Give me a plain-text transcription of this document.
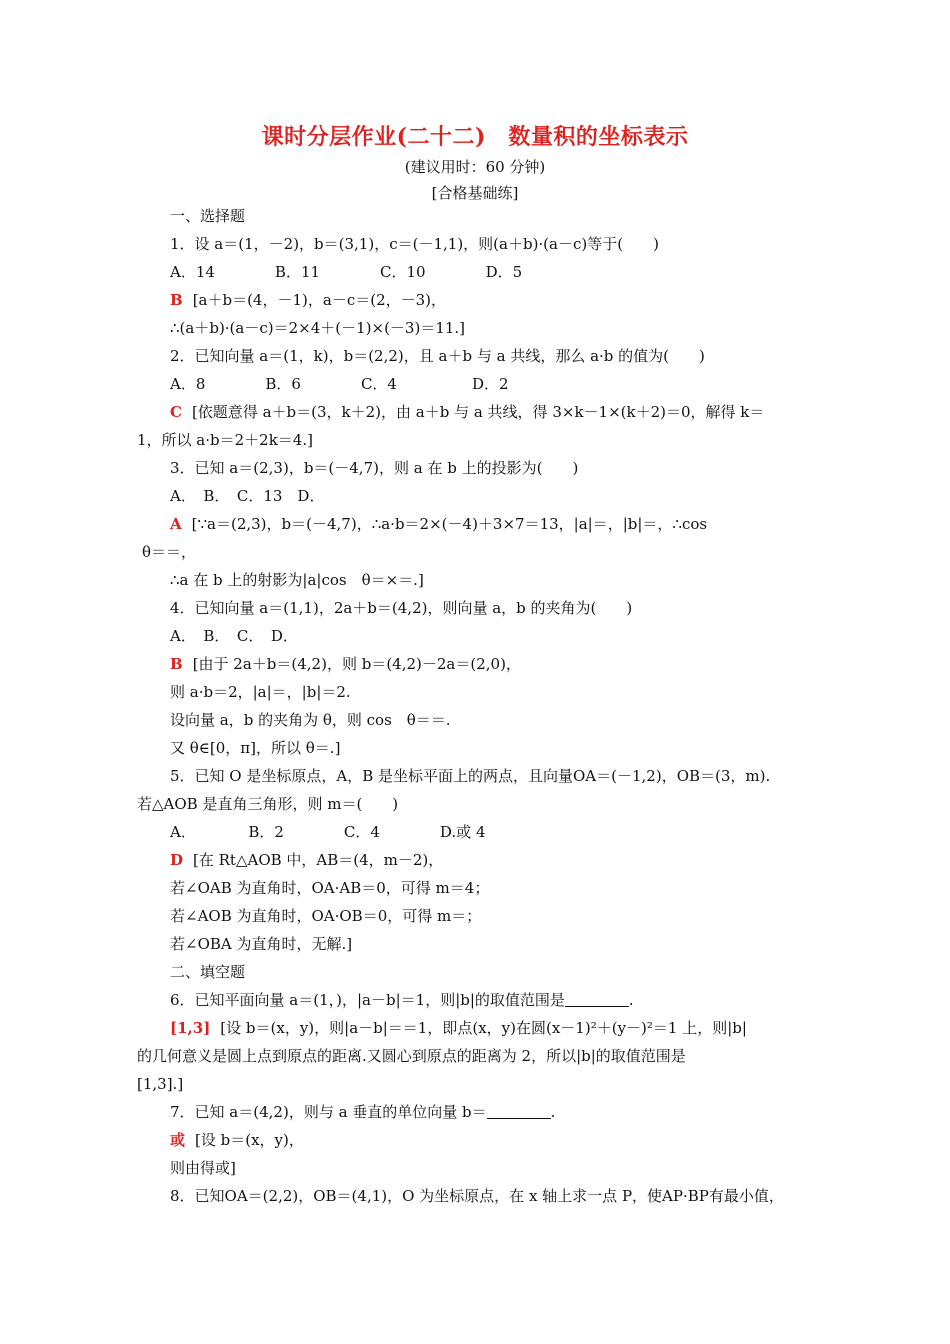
课时分层作业(二十二)　数量积的坐标表示
(建议用时：60 分钟)
[合格基础练]
一、选择题
1．设 a＝(1，－2)，b＝(3,1)，c＝(－1,1)，则(a＋b)·(a－c)等于(　　)
A．14　　　　B．11　　　　C．10　　　　D．5
B [a＋b＝(4，－1)，a－c＝(2，－3)，
∴(a＋b)·(a－c)＝2×4＋(－1)×(－3)＝11.]
2．已知向量 a＝(1，k)，b＝(2,2)，且 a＋b 与 a 共线，那么 a·b 的值为(　　)
A．8　　　　B．6　　　　C．4　　　　　D．2
C [依题意得 a＋b＝(3，k＋2)，由 a＋b 与 a 共线，得 3×k－1×(k＋2)＝0，解得 k＝
1，所以 a·b＝2＋2k＝4.]
3．已知 a＝(2,3)，b＝(－4,7)，则 a 在 b 上的投影为(　　)
A．　B．　C．13　D．
A [∵a＝(2,3)，b＝(－4,7)，∴a·b＝2×(－4)＋3×7＝13，|a|＝，|b|＝，∴cos
θ＝＝，
∴a 在 b 上的射影为|a|cos　θ＝×＝.]
4．已知向量 a＝(1,1)，2a＋b＝(4,2)，则向量 a，b 的夹角为(　　)
A．　B．　C．　D．
B [由于 2a＋b＝(4,2)，则 b＝(4,2)－2a＝(2,0)，
则 a·b＝2，|a|＝，|b|＝2.
设向量 a，b 的夹角为 θ，则 cos　θ＝＝.
又 θ∈[0，π]，所以 θ＝.]
5．已知 O 是坐标原点，A，B 是坐标平面上的两点，且向量OA＝(－1,2)，OB＝(3，m).
若△AOB 是直角三角形，则 m＝(　　)
A．　　　　B．2　　　　C．4　　　　D.或 4
D [在 Rt△AOB 中，AB＝(4，m－2)，
若∠OAB 为直角时，OA·AB＝0，可得 m＝4；
若∠AOB 为直角时，OA·OB＝0，可得 m＝；
若∠OBA 为直角时，无解.]
二、填空题
6．已知平面向量 a＝(1，)，|a－b|＝1，则|b|的取值范围是	.
[1,3] [设 b＝(x，y)，则|a－b|＝＝1，即点(x，y)在圆(x－1)²＋(y－)²＝1 上，则|b|
的几何意义是圆上点到原点的距离.又圆心到原点的距离为 2，所以|b|的取值范围是
[1,3].]
7．已知 a＝(4,2)，则与 a 垂直的单位向量 b＝	.
或 [设 b＝(x，y)，
则由得或]
8．已知OA＝(2,2)，OB＝(4,1)，O 为坐标原点，在 x 轴上求一点 P，使AP·BP有最小值，
